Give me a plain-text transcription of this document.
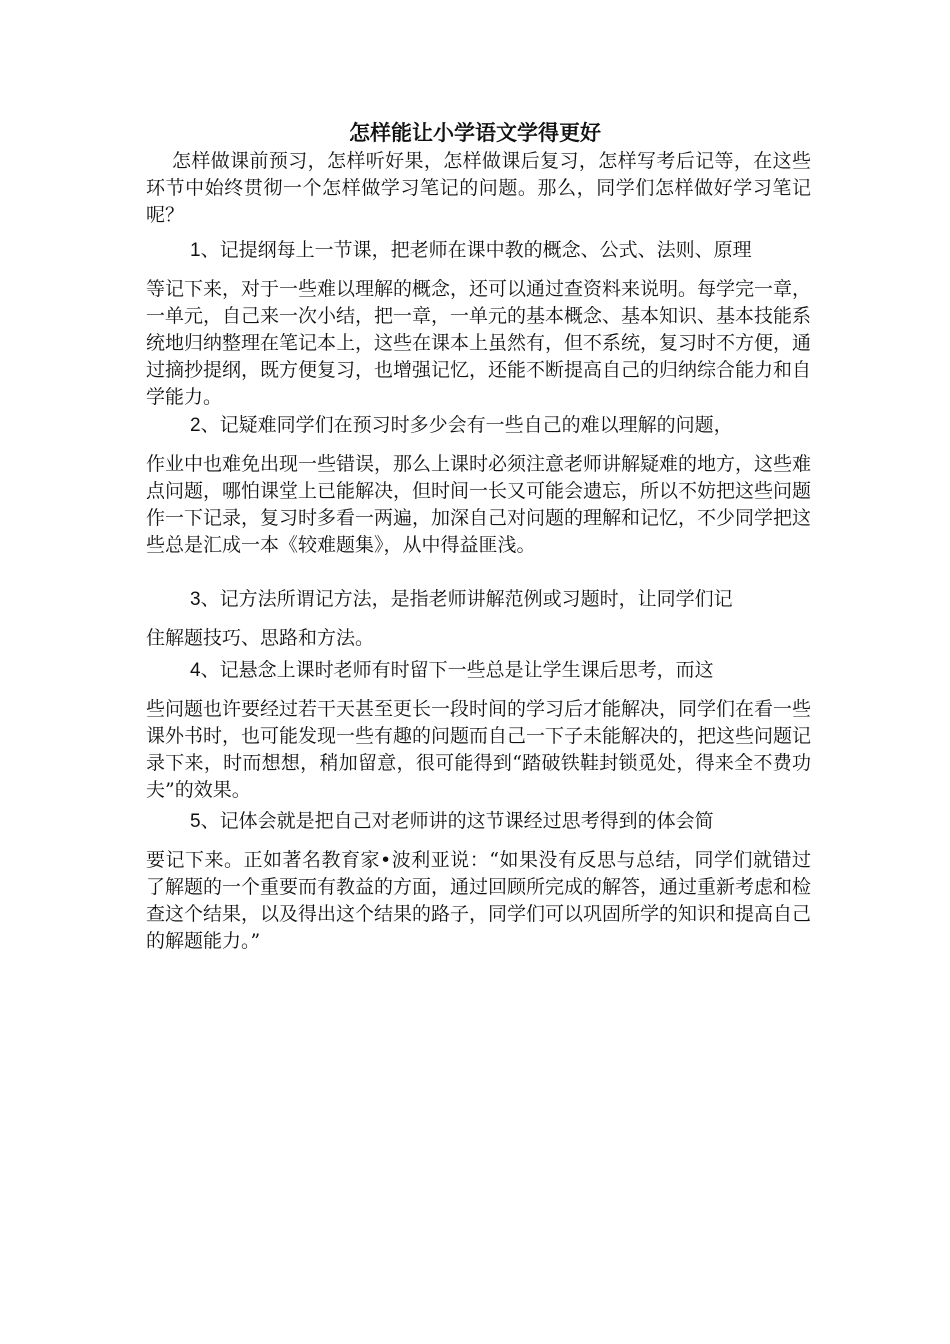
怎样能让小学语文学得更好

怎样做课前预习，怎样听好果，怎样做课后复习，怎样写考后记等，在这些环节中始终贯彻一个怎样做学习笔记的问题。那么，同学们怎样做好学习笔记呢？

1、记提纲每上一节课，把老师在课中教的概念、公式、法则、原理
等记下来，对于一些难以理解的概念，还可以通过查资料来说明。每学完一章，一单元，自己来一次小结，把一章，一单元的基本概念、基本知识、基本技能系统地归纳整理在笔记本上，这些在课本上虽然有，但不系统，复习时不方便，通过摘抄提纲，既方便复习，也增强记忆，还能不断提高自己的归纳综合能力和自学能力。
2、记疑难同学们在预习时多少会有一些自己的难以理解的问题，
作业中也难免出现一些错误，那么上课时必须注意老师讲解疑难的地方，这些难点问题，哪怕课堂上已能解决，但时间一长又可能会遗忘，所以不妨把这些问题作一下记录，复习时多看一两遍，加深自己对问题的理解和记忆，不少同学把这些总是汇成一本《较难题集》，从中得益匪浅。
3、记方法所谓记方法，是指老师讲解范例或习题时，让同学们记
住解题技巧、思路和方法。
4、记悬念上课时老师有时留下一些总是让学生课后思考，而这
些问题也许要经过若干天甚至更长一段时间的学习后才能解决，同学们在看一些课外书时，也可能发现一些有趣的问题而自己一下子未能解决的，把这些问题记录下来，时而想想，稍加留意，很可能得到“踏破铁鞋封锁觅处，得来全不费功夫”的效果。
5、记体会就是把自己对老师讲的这节课经过思考得到的体会简
要记下来。正如著名教育家•波利亚说：“如果没有反思与总结，同学们就错过了解题的一个重要而有教益的方面，通过回顾所完成的解答，通过重新考虑和检查这个结果，以及得出这个结果的路子，同学们可以巩固所学的知识和提高自己的解题能力。”
